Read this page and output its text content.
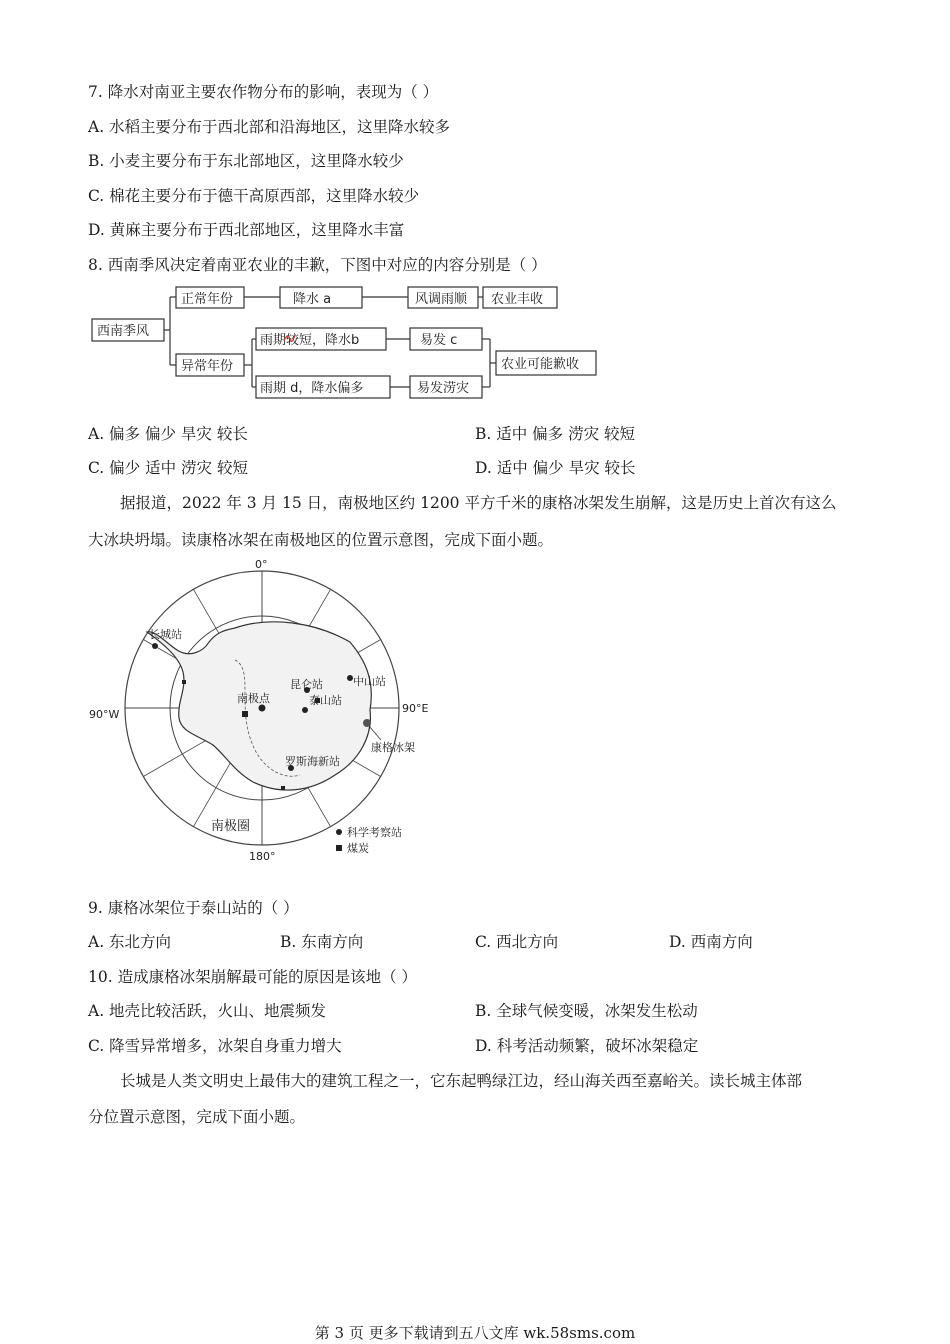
7. 降水对南亚主要农作物分布的影响，表现为（ ）
A. 水稻主要分布于西北部和沿海地区，这里降水较多
B. 小麦主要分布于东北部地区，这里降水较少
C. 棉花主要分布于德干高原西部，这里降水较少
D. 黄麻主要分布于西北部地区，这里降水丰富
8. 西南季风决定着南亚农业的丰歉，下图中对应的内容分别是（ ）
西南季风
正常年份	降水 a	风调雨顺 农业丰收
异常年份
雨期较短，降水b	易发 c
雨期 d，降水偏多	易发涝灾
农业可能歉收
A. 偏多 偏少 旱灾 较长	B. 适中 偏多 涝灾 较短
C. 偏少 适中 涝灾 较短	D. 适中 偏少 旱灾 较长
据报道，2022 年 3 月 15 日，南极地区约 1200 平方千米的康格冰架发生崩解，这是历史上首次有这么
大冰块坍塌。读康格冰架在南极地区的位置示意图，完成下面小题。
0°
180°
90°W	90°E
长城站
中山站
昆仑站
泰山站
南极点
罗斯海新站
康格冰架
南极圈	科学考察站
煤炭
9. 康格冰架位于泰山站的（ ）
A. 东北方向	B. 东南方向	C. 西北方向	D. 西南方向
10. 造成康格冰架崩解最可能的原因是该地（ ）
A. 地壳比较活跃，火山、地震频发	B. 全球气候变暖，冰架发生松动
C. 降雪异常增多，冰架自身重力增大	D. 科考活动频繁，破坏冰架稳定
长城是人类文明史上最伟大的建筑工程之一，它东起鸭绿江边，经山海关西至嘉峪关。读长城主体部
分位置示意图，完成下面小题。
第 3 页 更多下载请到五八文库 wk.58sms.com
